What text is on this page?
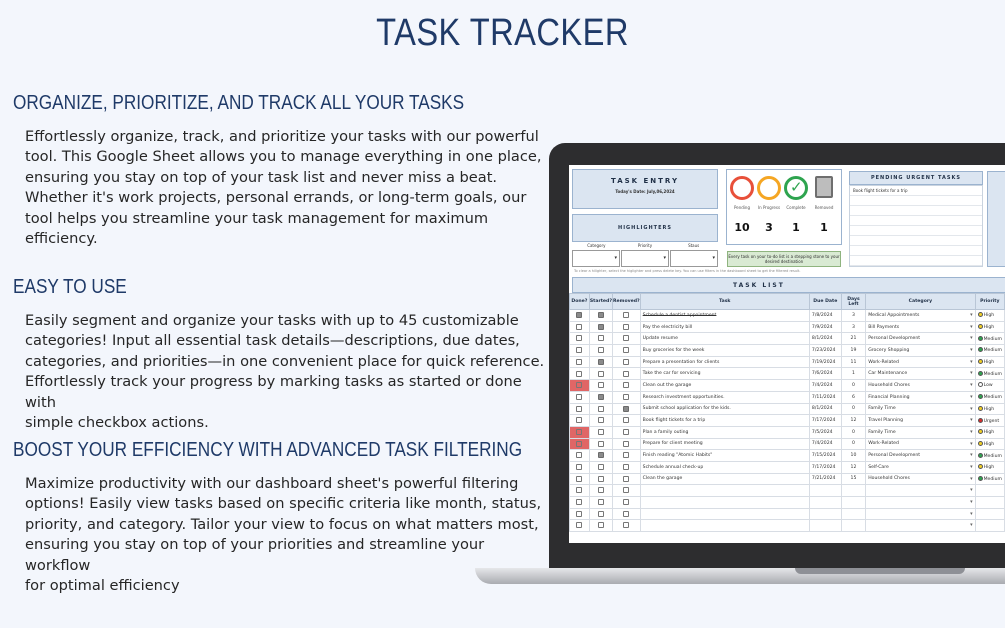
TASK TRACKER
ORGANIZE, PRIORITIZE, AND TRACK ALL YOUR TASKS
Effortlessly organize, track, and prioritize your tasks with our powerful
tool. This Google Sheet allows you to manage everything in one place,
ensuring you stay on top of your task list and never miss a beat.
Whether it's work projects, personal errands, or long-term goals, our
tool helps you streamline your task management for maximum
efficiency.
EASY TO USE
Easily segment and organize your tasks with up to 45 customizable
categories! Input all essential task details—descriptions, due dates,
categories, and priorities—in one convenient place for quick reference.
Effortlessly track your progress by marking tasks as started or done with
simple checkbox actions.
BOOST YOUR EFFICIENCY WITH ADVANCED TASK FILTERING
Maximize productivity with our dashboard sheet's powerful filtering
options! Easily view tasks based on specific criteria like month, status,
priority, and category. Tailor your view to focus on what matters most,
ensuring you stay on top of your priorities and streamline your workflow
for optimal efficiency
TASK ENTRY
Today's Date: July,06,2024
HIGHLIGHTERS
Category	Priority	Staus
▾	▾	▾
✓
Pending	In Progress	Complete	Removed
10	3	1	1
Every task on your to-do list is a stepping stone to your desired destination
PENDING URGENT TASKS
Book flight tickets for a trip
To clear a hilighter, select the higlighter and press delete key. You can use filters in the dashboard sheet to get the filtered result.
TASK LIST
Done?	Started?	Removed?	Task	Due Date	Days Left	Category	Priority
			Schedule a dentist appointment	7/8/2024	3	Medical Appointments ▾	High
			Pay the electricity bill	7/9/2024	3	Bill Payments ▾	High
			Update resume	8/1/2024	21	Personal Development ▾	Medium
			Buy groceries for the week	7/23/2024	19	Grocery Shopping ▾	Medium
			Prepare a presentation for clients	7/19/2024	11	Work-Related ▾	High
			Take the car for servicing	7/6/2024	1	Car Maintenance ▾	Medium
			Clean out the garage	7/4/2024	0	Household Chores ▾	Low
			Research investment opportunities.	7/11/2024	6	Financial Planning ▾	Medium
			Submit school application for the kids.	8/1/2024	0	Family Time ▾	High
			Book flight tickets for a trip	7/17/2024	12	Travel Planning ▾	Urgent
			Plan a family outing	7/5/2024	0	Family Time ▾	High
			Prepare for client meeting	7/4/2024	0	Work-Related ▾	High
			Finish reading "Atomic Habits"	7/15/2024	10	Personal Development ▾	Medium
			Schedule annual check-up	7/17/2024	12	Self-Care ▾	High
			Clean the garage	7/21/2024	15	Household Chores ▾	Medium

						▾	

						▾	

						▾	

						▾	
